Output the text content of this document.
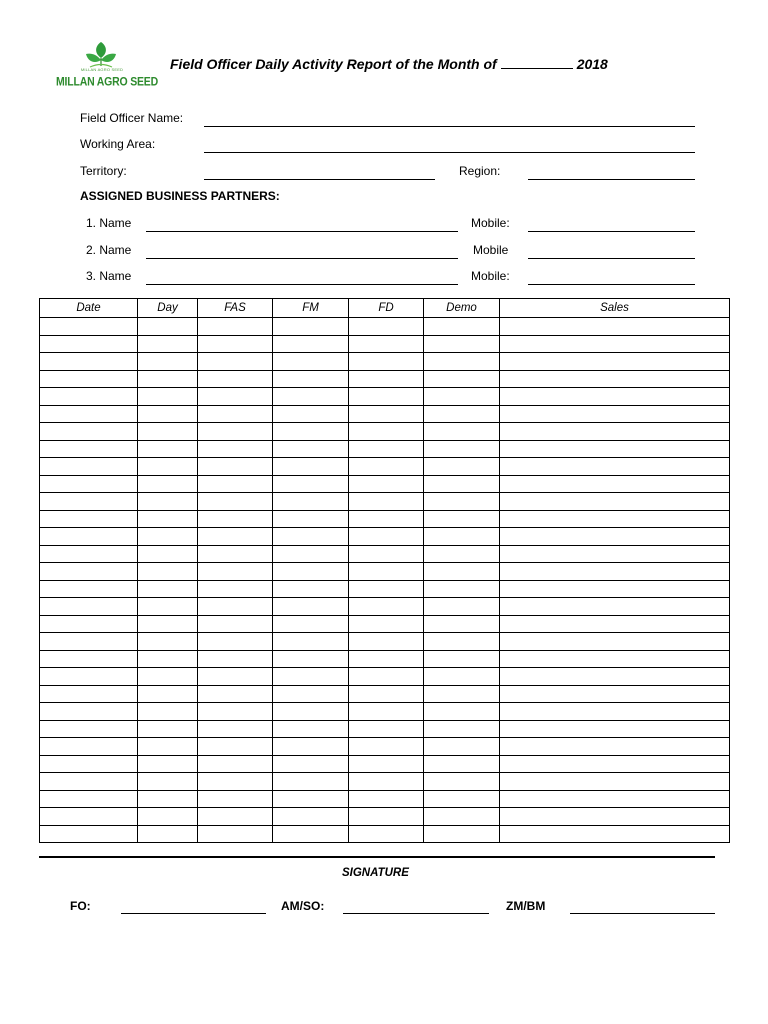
MILLAN AGRO SEED
MILLAN AGRO SEED
Field Officer Daily Activity Report of the Month of	2018
Field Officer Name:
Working Area:
Territory:	Region:
ASSIGNED BUSINESS PARTNERS:
1. Name	Mobile:
2. Name	Mobile
3. Name	Mobile:
Date	Day	FAS	FM	FD	Demo	Sales

SIGNATURE
FO:	AM/SO:	ZM/BM
